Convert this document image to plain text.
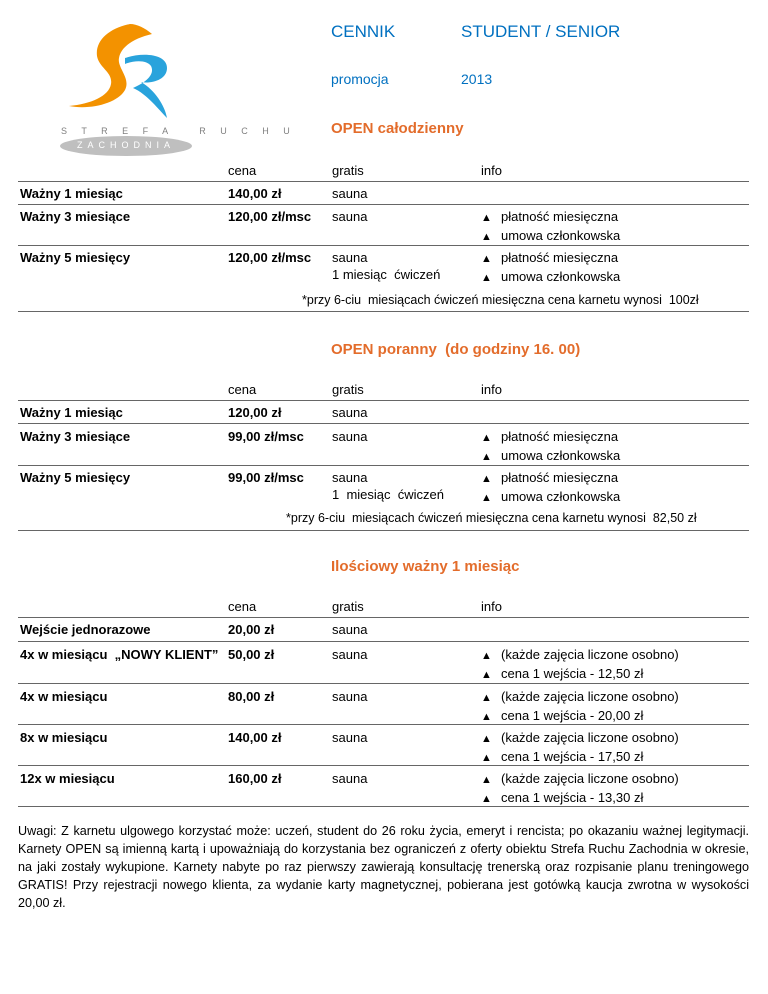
S T R E F A   R U C H U
ZACHODNIA
CENNIK	STUDENT / SENIOR
promocja	2013
OPEN całodzienny
cena	gratis	info
Ważny 1 miesiąc	140,00 zł	sauna
Ważny 3 miesiące	120,00 zł/msc sauna	▲ płatność miesięczna
▲ umowa członkowska
Ważny 5 miesięcy	120,00 zł/msc sauna
1 miesiąc  ćwiczeń
▲ płatność miesięczna
▲ umowa członkowska
*przy 6-ciu  miesiącach ćwiczeń miesięczna cena karnetu wynosi  100zł
OPEN poranny  (do godziny 16. 00)
cena	gratis	info
Ważny 1 miesiąc	120,00 zł	sauna
Ważny 3 miesiące	99,00 zł/msc sauna	▲ płatność miesięczna
▲ umowa członkowska
Ważny 5 miesięcy	99,00 zł/msc sauna
1  miesiąc  ćwiczeń
▲ płatność miesięczna
▲ umowa członkowska
*przy 6-ciu  miesiącach ćwiczeń miesięczna cena karnetu wynosi  82,50 zł
Ilościowy ważny 1 miesiąc
cena	gratis	info
Wejście jednorazowe	20,00 zł	sauna
4x w miesiącu  „NOWY KLIENT” 50,00 zł	sauna	▲ (każde zajęcia liczone osobno)
▲ cena 1 wejścia - 12,50 zł
4x w miesiącu	80,00 zł	sauna	▲ (każde zajęcia liczone osobno)
▲ cena 1 wejścia - 20,00 zł
8x w miesiącu	140,00 zł	sauna	▲ (każde zajęcia liczone osobno)
▲ cena 1 wejścia - 17,50 zł
12x w miesiącu	160,00 zł	sauna	▲ (każde zajęcia liczone osobno)
▲ cena 1 wejścia - 13,30 zł
Uwagi: Z karnetu ulgowego korzystać może: uczeń, student do 26 roku życia, emeryt i rencista; po okazaniu ważnej legitymacji. Karnety OPEN są imienną kartą i upoważniają do korzystania bez ograniczeń z oferty obiektu Strefa Ruchu Zachodnia w okresie, na jaki zostały wykupione. Karnety nabyte po raz pierwszy zawierają konsultację trenerską oraz rozpisanie planu treningowego GRATIS! Przy rejestracji nowego klienta, za wydanie karty magnetycznej, pobierana jest gotówką kaucja zwrotna w wysokości 20,00 zł.
